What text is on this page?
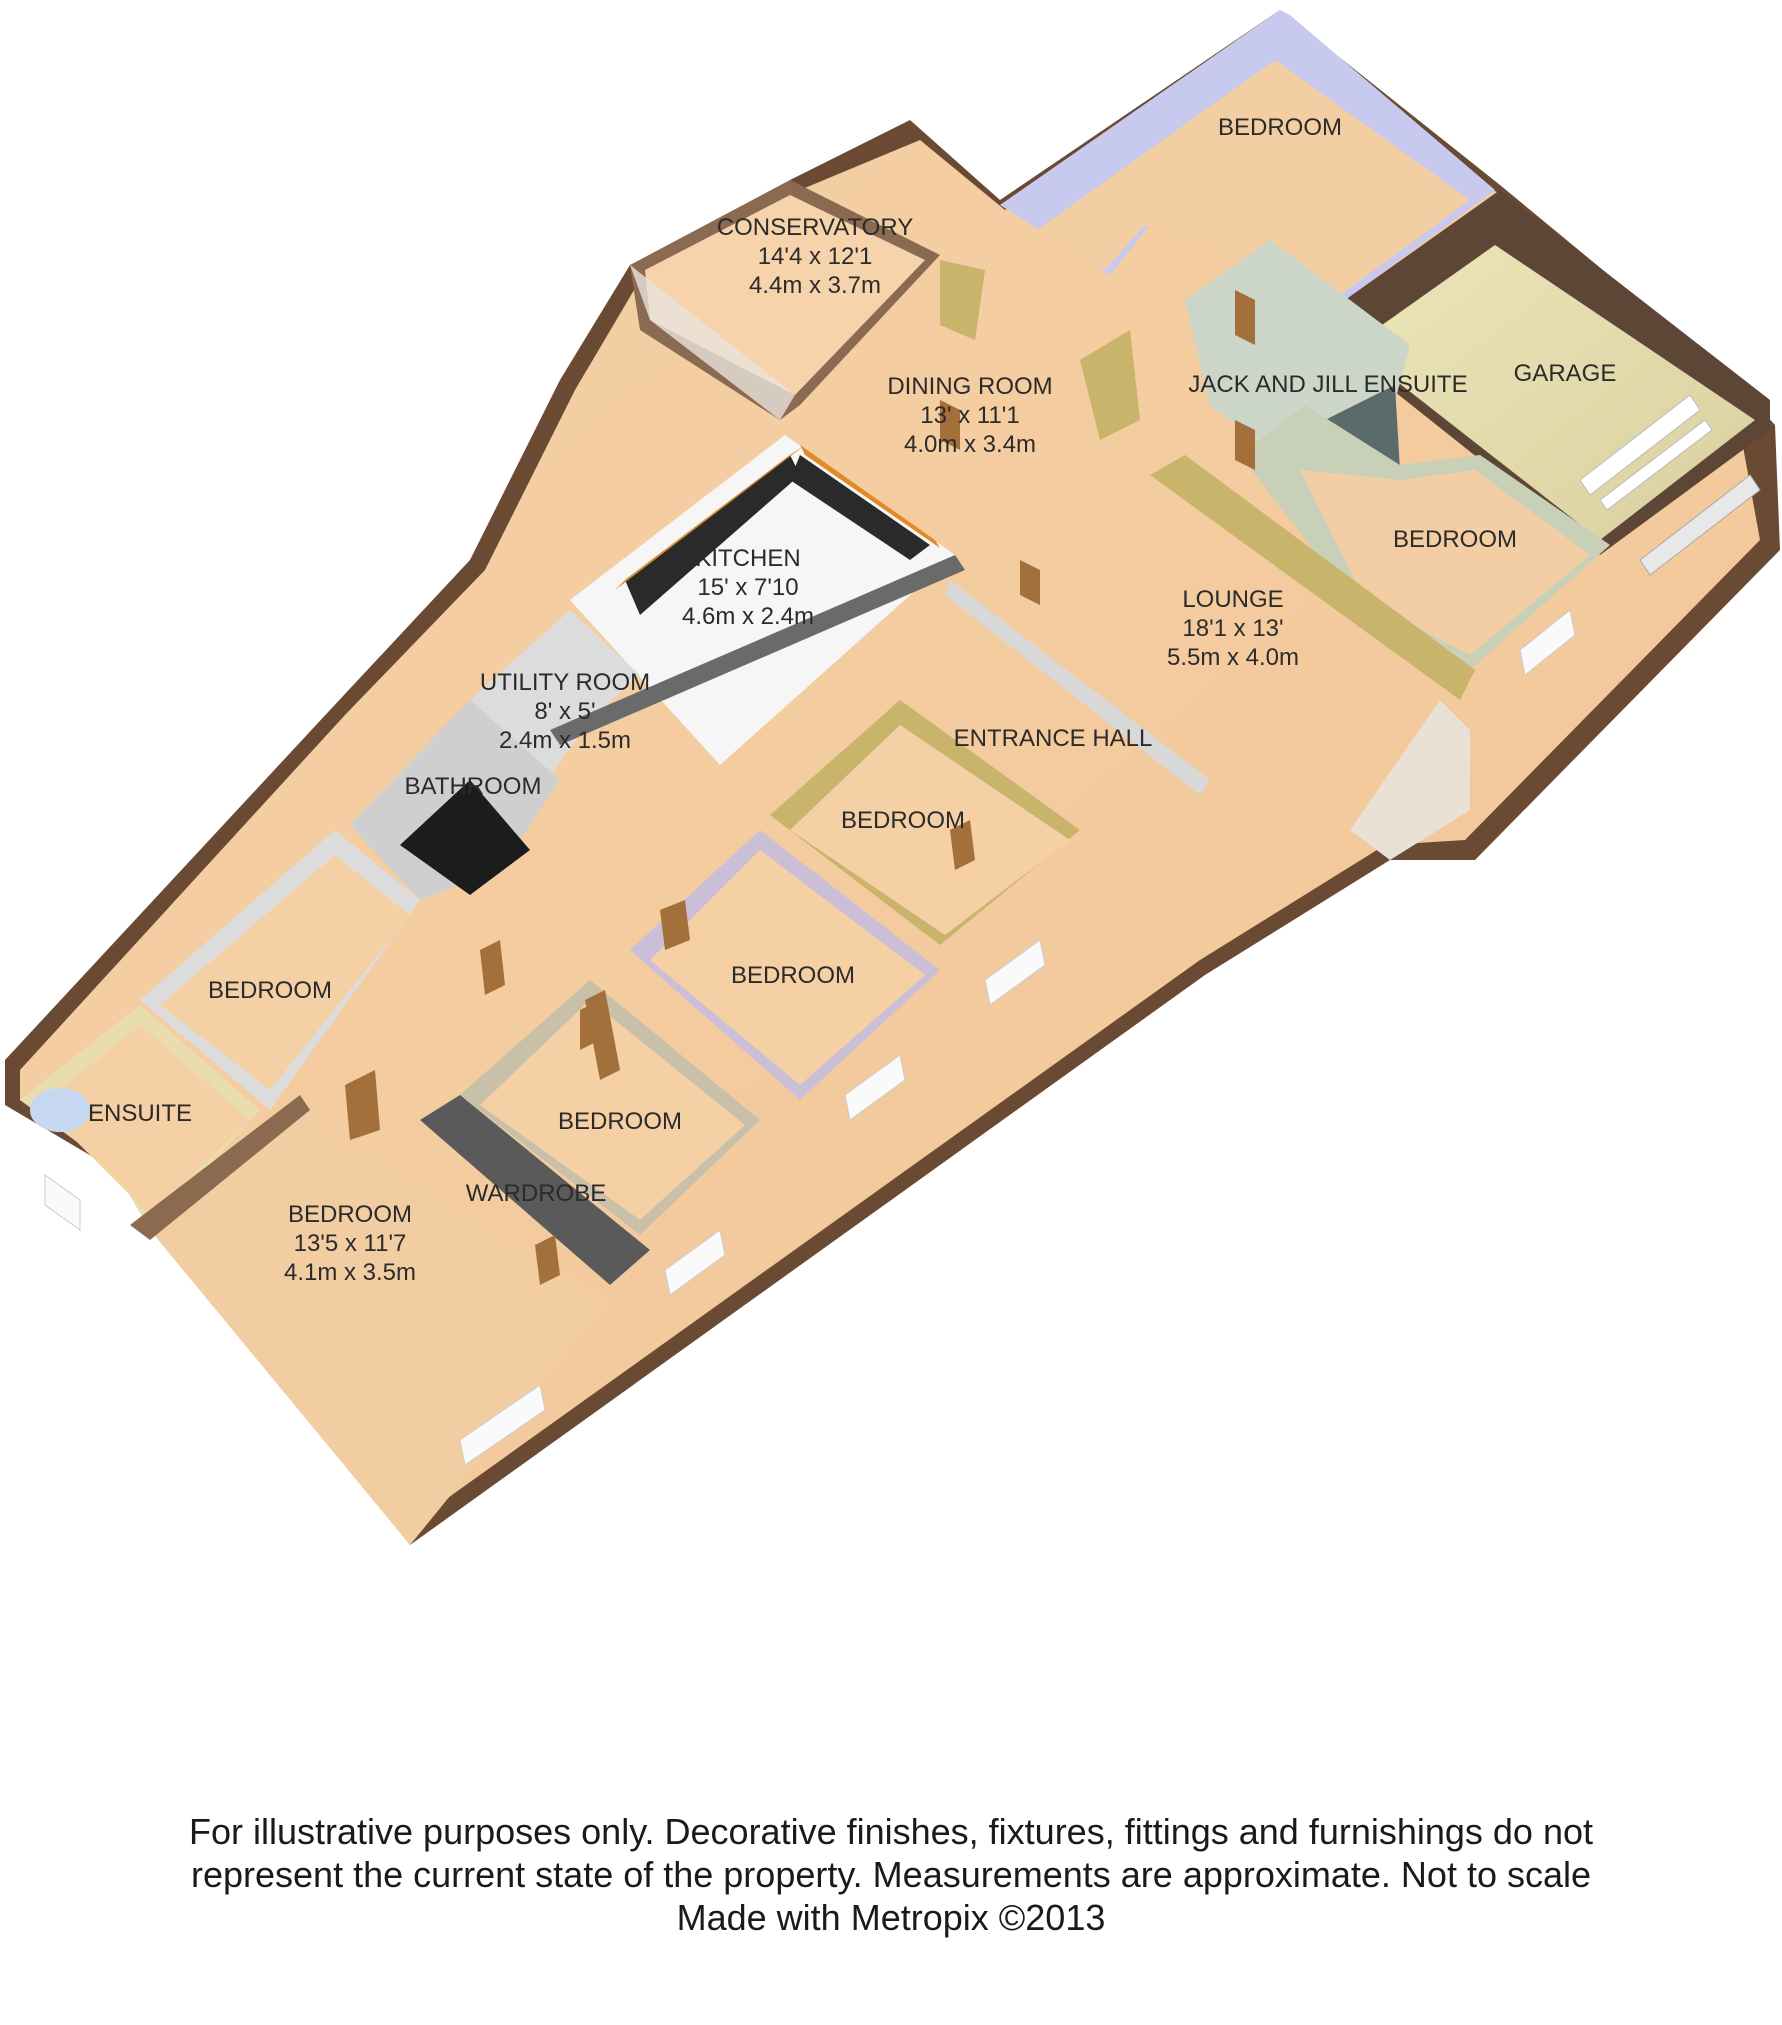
BEDROOM
CONSERVATORY
14'4 x 12'1
4.4m x 3.7m
DINING ROOM
13' x 11'1
4.0m x 3.4m
JACK AND JILL ENSUITE GARAGE
BEDROOM
KITCHEN
15' x 7'10
4.6m x 2.4m
LOUNGE
18'1 x 13'
5.5m x 4.0m
UTILITY ROOM
8' x 5'
2.4m x 1.5m	ENTRANCE HALL
BATHROOM
BEDROOM
BEDROOM
BEDROOM
BEDROOM
ENSUITE
WARDROBE
BEDROOM
13'5 x 11'7
4.1m x 3.5m
For illustrative purposes only. Decorative finishes, fixtures, fittings and furnishings do not
represent the current state of the property. Measurements are approximate. Not to scale
Made with Metropix ©2013
